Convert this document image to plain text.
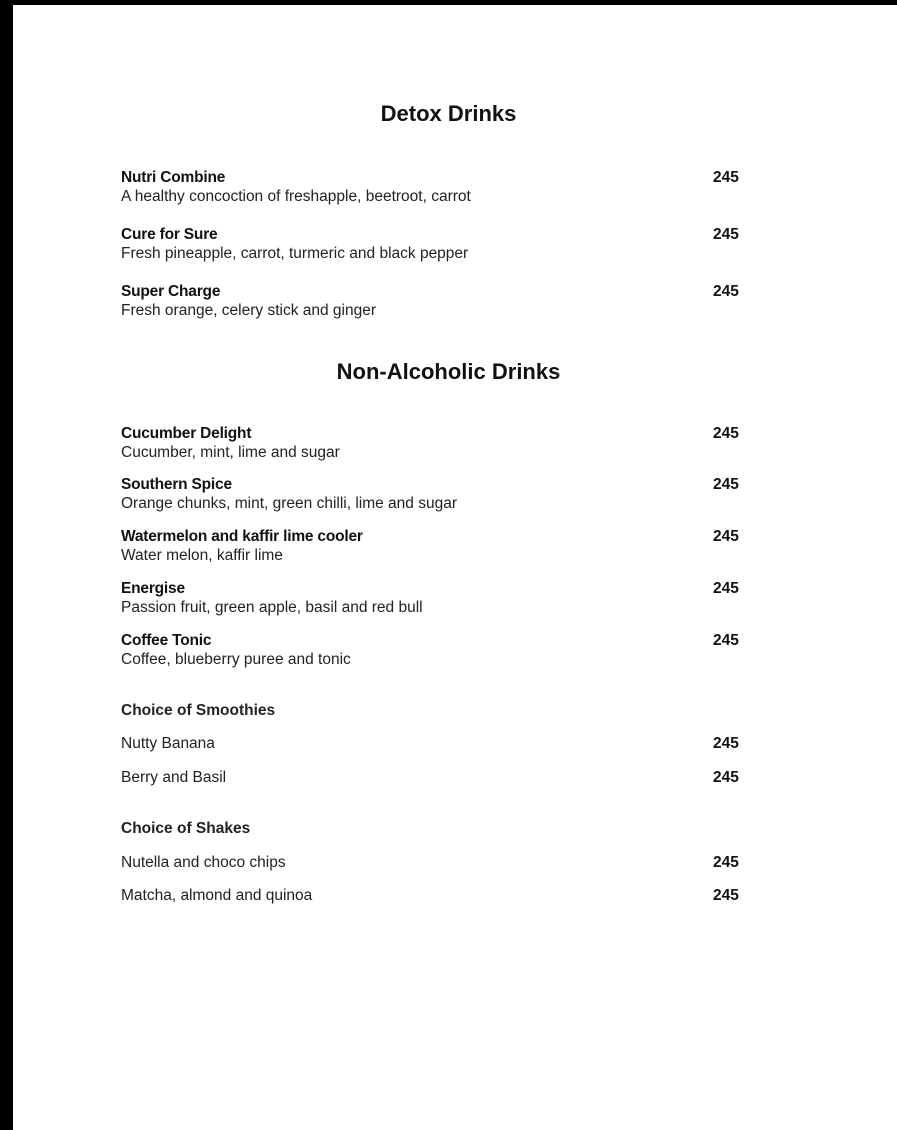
Detox Drinks
Nutri Combine
A healthy concoction of freshapple, beetroot, carrot
245
Cure for Sure
Fresh pineapple, carrot, turmeric and black pepper
245
Super Charge
Fresh orange, celery stick and ginger
245
Non-Alcoholic Drinks
Cucumber Delight
Cucumber, mint, lime and sugar
245
Southern Spice
Orange chunks, mint, green chilli, lime and sugar
245
Watermelon and kaffir lime cooler
Water melon, kaffir lime
245
Energise
Passion fruit, green apple, basil and red bull
245
Coffee Tonic
Coffee, blueberry puree and tonic
245
Choice of Smoothies
Nutty Banana	245
Berry and Basil	245
Choice of Shakes
Nutella and choco chips	245
Matcha, almond and quinoa	245
